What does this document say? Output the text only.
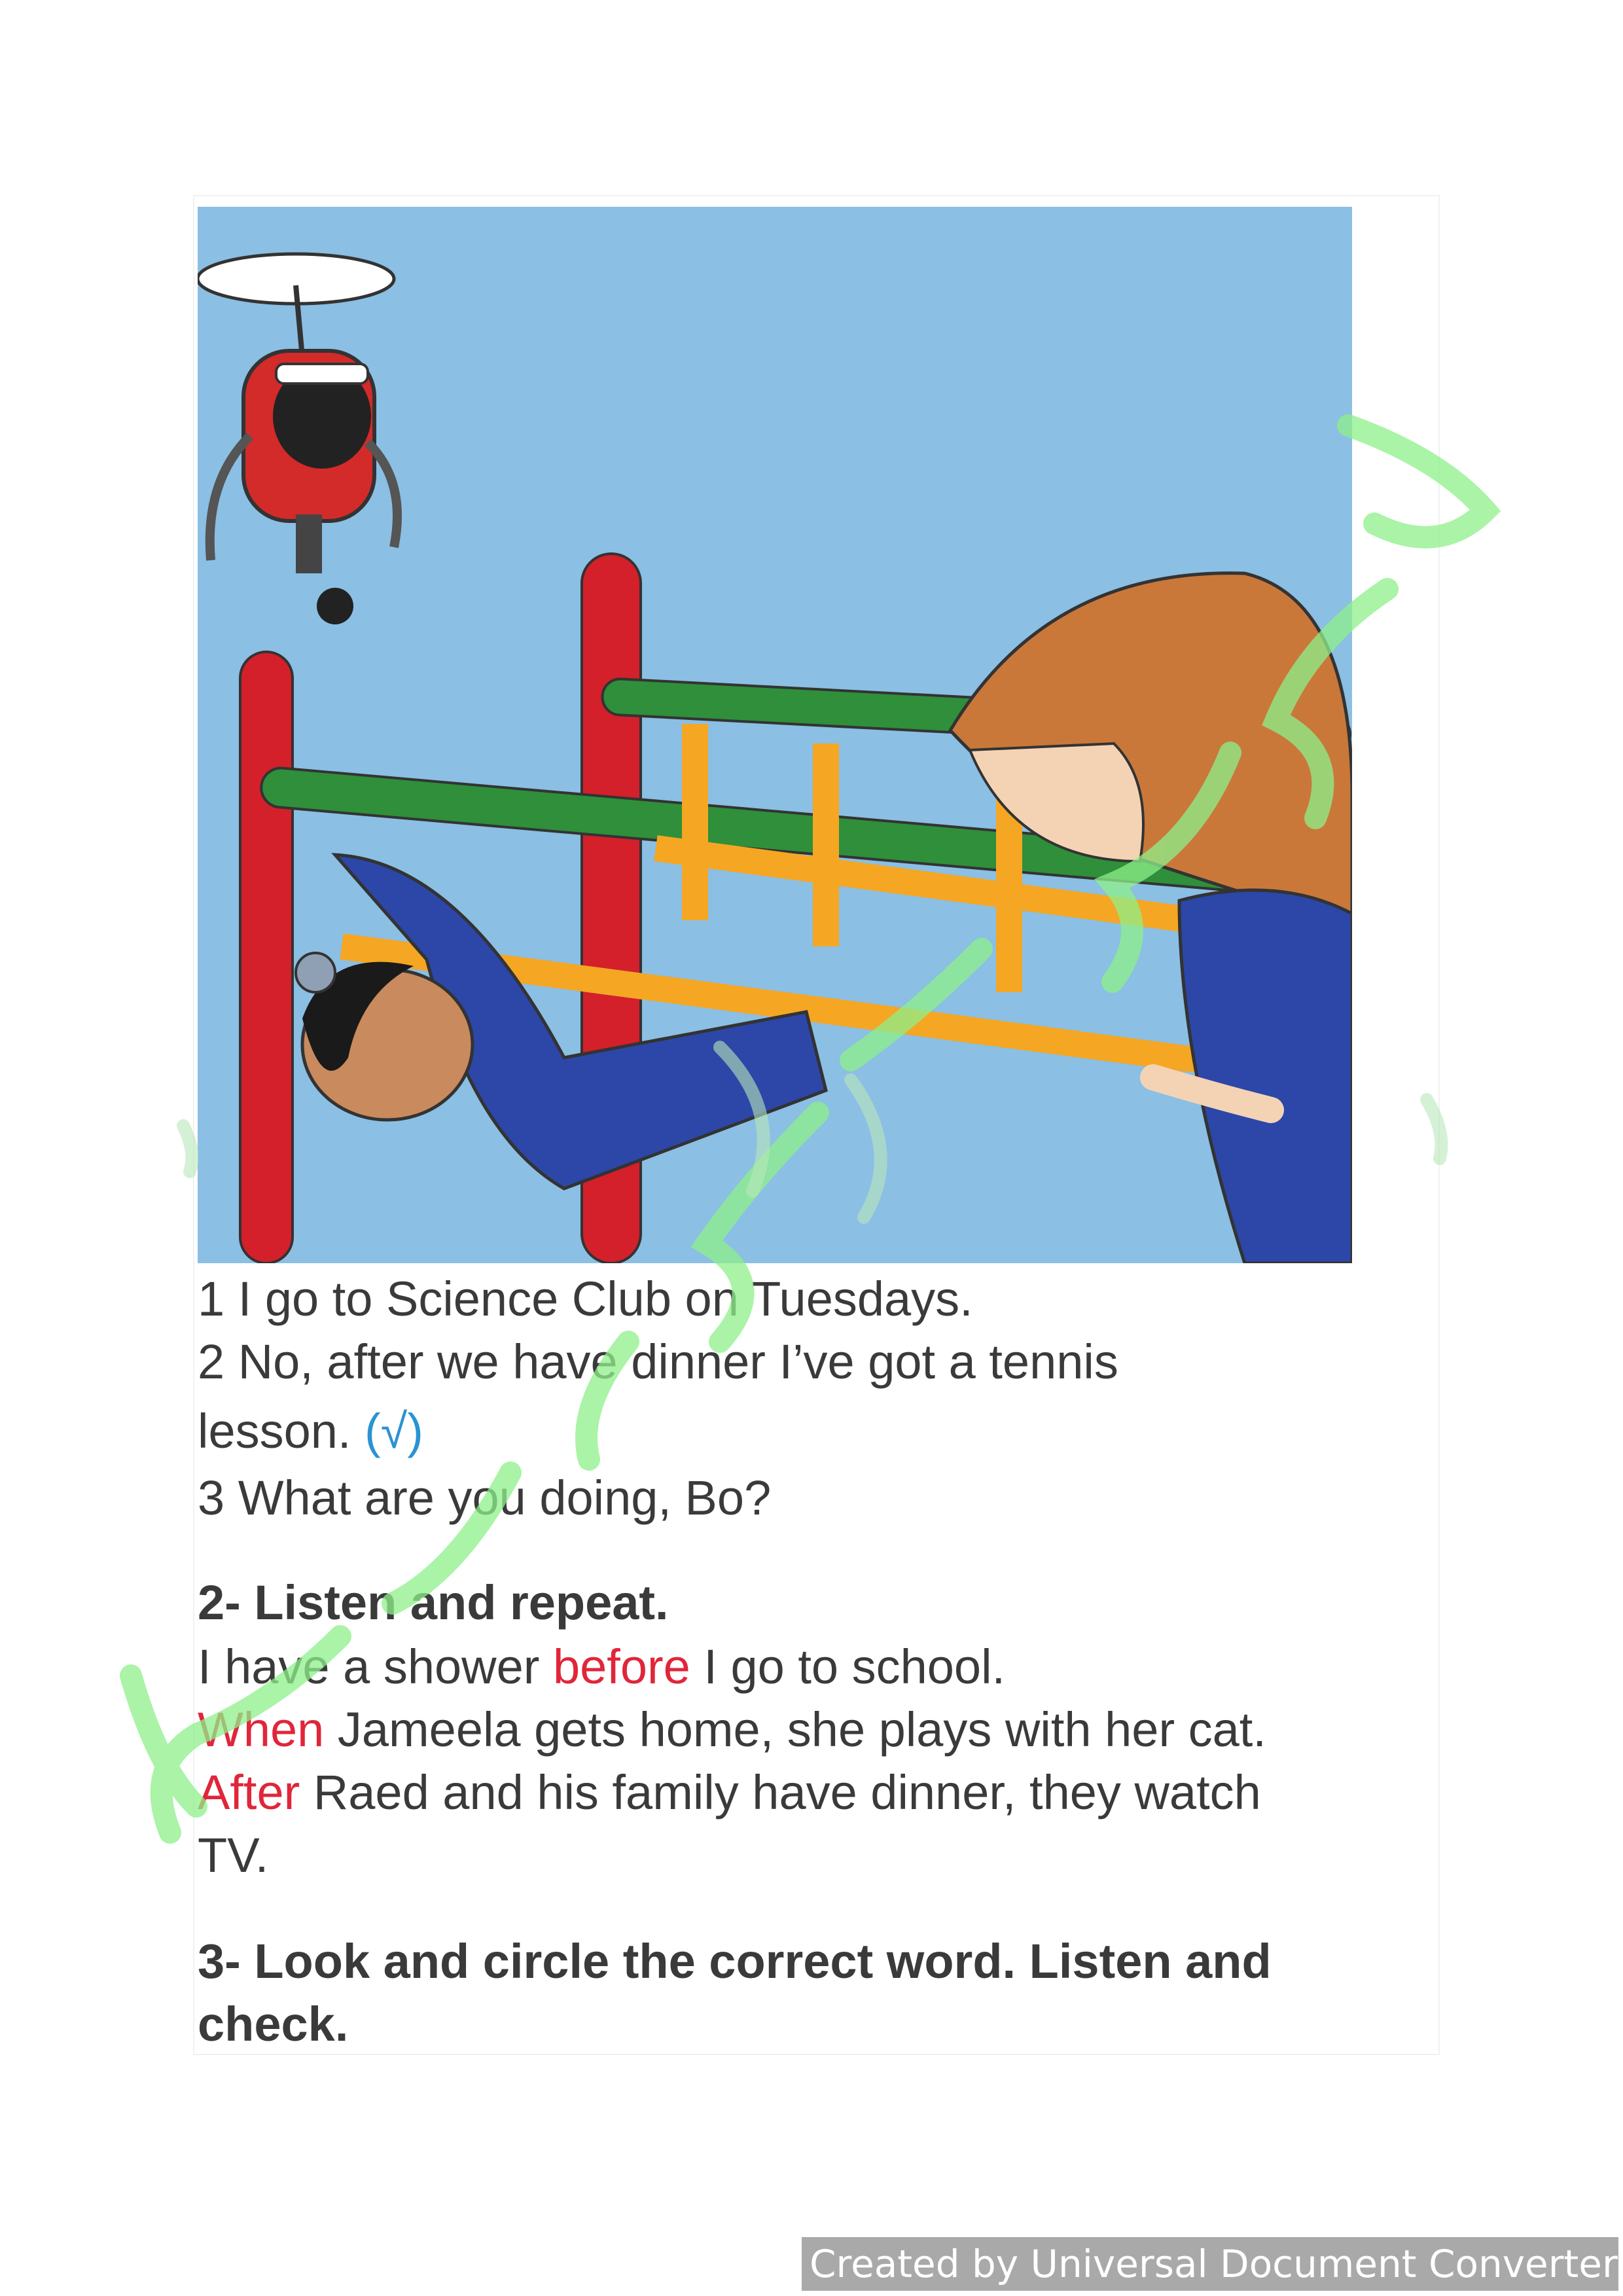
1 I go to Science Club on Tuesdays.
2 No, after we have dinner I’ve got a tennis
lesson. (√)
3 What are you doing, Bo?
2- Listen and repeat.
I have a shower before I go to school.
When Jameela gets home, she plays with her cat.
After Raed and his family have dinner, they watch
TV.
3- Look and circle the correct word. Listen and
check.
Created by Universal Document Converter
